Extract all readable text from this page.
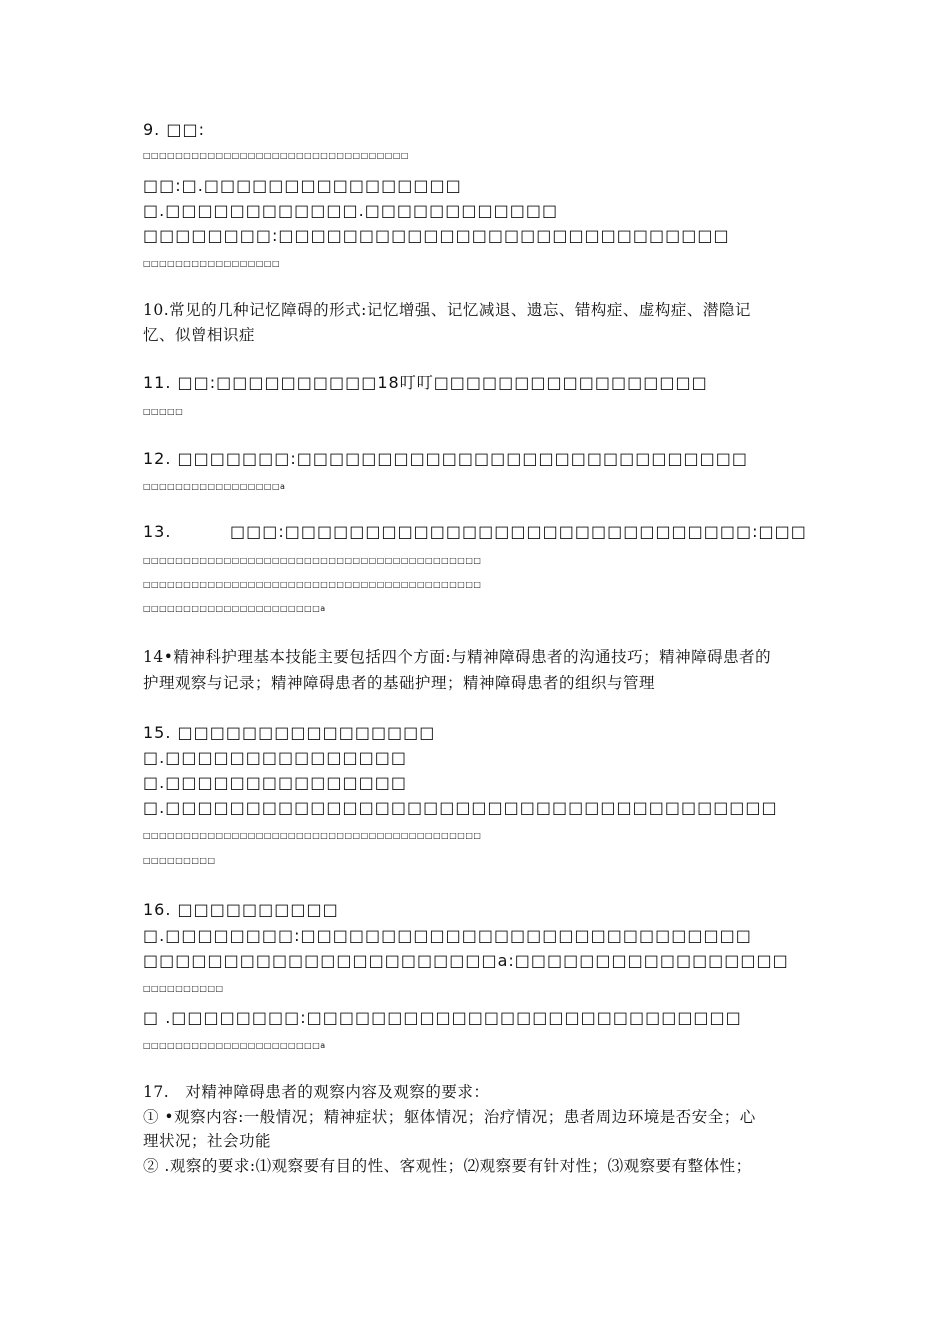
9. □□:
□□□□□□□□□□□□□□□□□□□□□□□□□□□□□□□□□
□□:□.□□□□□□□□□□□□□□□□
□.□□□□□□□□□□□□.□□□□□□□□□□□□
□□□□□□□□:□□□□□□□□□□□□□□□□□□□□□□□□□□□□
□□□□□□□□□□□□□□□□□
10.常见的几种记忆障碍的形式:记忆增强、记忆减退、遗忘、错构症、虚构症、潜隐记
忆、似曾相识症
11. □□:□□□□□□□□□□18叮叮□□□□□□□□□□□□□□□□□
□□□□□
12. □□□□□□□:□□□□□□□□□□□□□□□□□□□□□□□□□□□□
□□□□□□□□□□□□□□□□□a
13.	□□□:□□□□□□□□□□□□□□□□□□□□□□□□□□□□□:□□□
□□□□□□□□□□□□□□□□□□□□□□□□□□□□□□□□□□□□□□□□□□
□□□□□□□□□□□□□□□□□□□□□□□□□□□□□□□□□□□□□□□□□□
□□□□□□□□□□□□□□□□□□□□□□a
14•精神科护理基本技能主要包括四个方面:与精神障碍患者的沟通技巧；精神障碍患者的
护理观察与记录；精神障碍患者的基础护理；精神障碍患者的组织与管理
15. □□□□□□□□□□□□□□□□
□.□□□□□□□□□□□□□□□
□.□□□□□□□□□□□□□□□
□.□□□□□□□□□□□□□□□□□□□□□□□□□□□□□□□□□□□□□□
□□□□□□□□□□□□□□□□□□□□□□□□□□□□□□□□□□□□□□□□□□
□□□□□□□□□
16. □□□□□□□□□□
□.□□□□□□□□:□□□□□□□□□□□□□□□□□□□□□□□□□□□□
□□□□□□□□□□□□□□□□□□□□□□a:□□□□□□□□□□□□□□□□□
□□□□□□□□□□
□ .□□□□□□□□:□□□□□□□□□□□□□□□□□□□□□□□□□□□
□□□□□□□□□□□□□□□□□□□□□□a
17.   对精神障碍患者的观察内容及观察的要求：
① •观察内容:一般情况；精神症状；躯体情况；治疗情况；患者周边环境是否安全；心
理状况；社会功能
② .观察的要求:⑴观察要有目的性、客观性；⑵观察要有针对性；⑶观察要有整体性；
